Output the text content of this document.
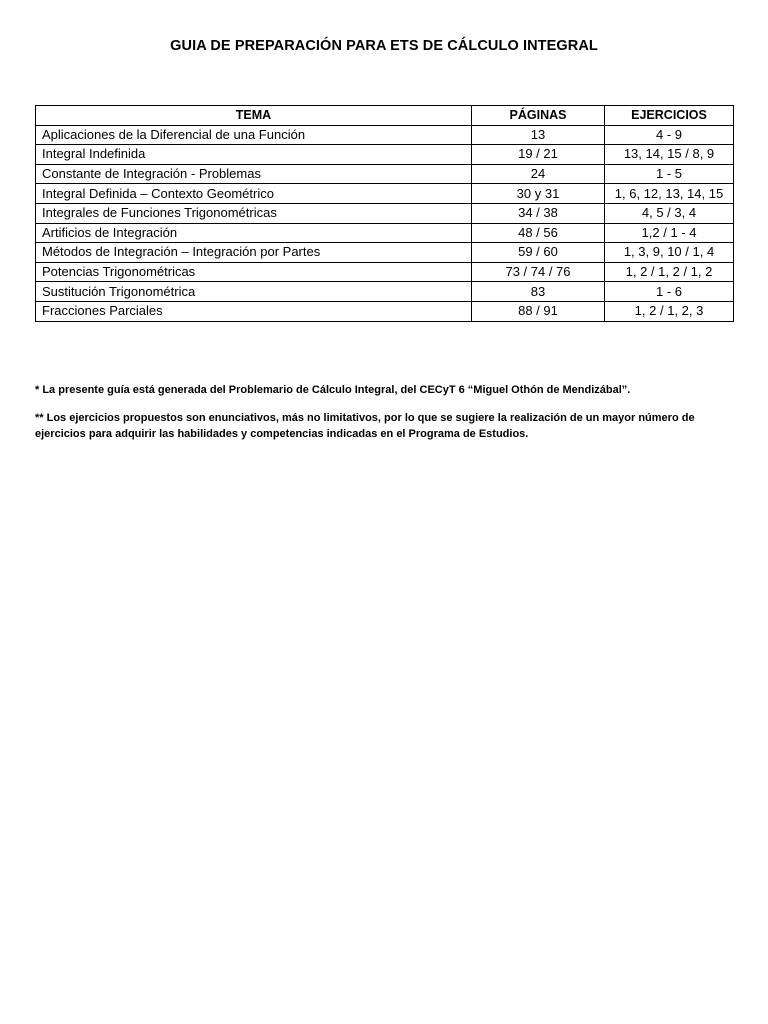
GUIA DE PREPARACIÓN PARA ETS DE CÁLCULO INTEGRAL
TEMA	PÁGINAS	EJERCICIOS
Aplicaciones de la Diferencial de una Función	13	4 - 9
Integral Indefinida	19 / 21	13, 14, 15 / 8, 9
Constante de Integración - Problemas	24	1 - 5
Integral Definida – Contexto Geométrico	30 y 31	1, 6, 12, 13, 14, 15
Integrales de Funciones Trigonométricas	34 / 38	4, 5 / 3, 4
Artificios de Integración	48 / 56	1,2 / 1 - 4
Métodos de Integración – Integración por Partes	59 / 60	1, 3, 9, 10 / 1, 4
Potencias Trigonométricas	73 / 74 / 76	1, 2 / 1, 2 / 1, 2
Sustitución Trigonométrica	83	1 - 6
Fracciones Parciales	88 / 91	1, 2 / 1, 2, 3

* La presente guía está generada del Problemario de Cálculo Integral, del CECyT 6 “Miguel Othón de Mendizábal”.

** Los ejercicios propuestos son enunciativos, más no limitativos, por lo que se sugiere la realización de un mayor número de ejercicios para adquirir las habilidades y competencias indicadas en el Programa de Estudios.
